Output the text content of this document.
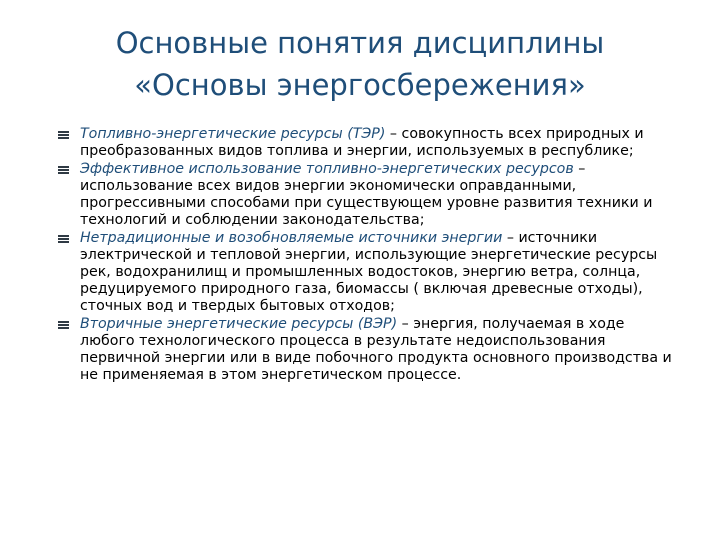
Основные понятия дисциплины
«Основы энергосбережения»
Топливно-энергетические ресурсы (ТЭР) – совокупность всех природных и преобразованных видов топлива и энергии, используемых в республике;
Эффективное использование топливно-энергетических ресурсов – использование всех видов энергии экономически оправданными, прогрессивными способами при существующем уровне развития техники и технологий и соблюдении законодательства;
Нетрадиционные и возобновляемые источники энергии – источники электрической и тепловой энергии, использующие энергетические ресурсы рек, водохранилищ и промышленных водостоков, энергию ветра, солнца, редуцируемого природного газа, биомассы ( включая древесные отходы), сточных вод и твердых бытовых отходов;
Вторичные энергетические ресурсы (ВЭР) – энергия, получаемая в ходе любого технологического процесса в результате недоиспользования первичной энергии или в виде побочного продукта основного производства и не применяемая в этом энергетическом процессе.
